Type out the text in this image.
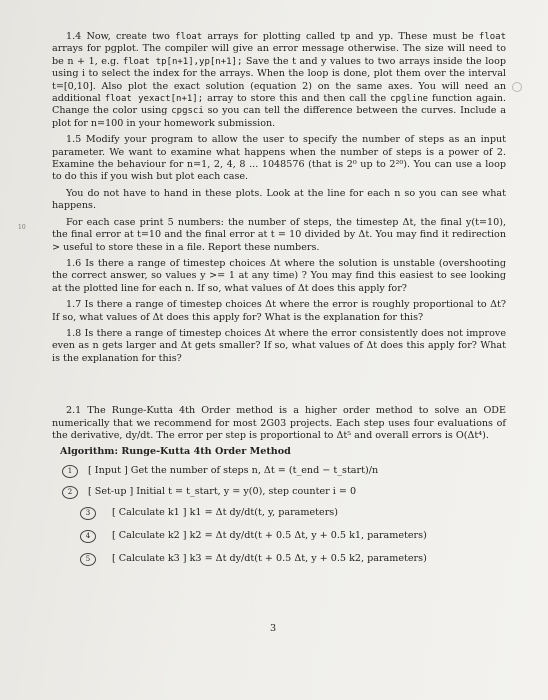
10

1.4 Now, create two float arrays for plotting called tp and yp. These must be float arrays for pgplot. The compiler will give an error message otherwise. The size will need to be n + 1, e.g. float tp[n+1],yp[n+1]; Save the t and y values to two arrays inside the loop using i to select the index for the arrays. When the loop is done, plot them over the interval t=[0,10]. Also plot the exact solution (equation 2) on the same axes. You will need an additional float yexact[n+1]; array to store this and then call the cpgline function again. Change the color using cpgsci so you can tell the difference between the curves. Include a plot for n=100 in your homework submission.

1.5 Modify your program to allow the user to specify the number of steps as an input parameter. We want to examine what happens when the number of steps is a power of 2. Examine the behaviour for n=1, 2, 4, 8 ... 1048576 (that is 2⁰ up to 2²⁰). You can use a loop to do this if you wish but plot each case.

You do not have to hand in these plots. Look at the line for each n so you can see what happens.

For each case print 5 numbers: the number of steps, the timestep Δt, the final y(t=10), the final error at t=10 and the final error at t = 10 divided by Δt. You may find it redirection > useful to store these in a file. Report these numbers.

1.6 Is there a range of timestep choices Δt where the solution is unstable (overshooting the correct answer, so values y >= 1 at any time) ? You may find this easiest to see looking at the plotted line for each n. If so, what values of Δt does this apply for?

1.7 Is there a range of timestep choices Δt where the error is roughly proportional to Δt? If so, what values of Δt does this apply for? What is the explanation for this?

1.8 Is there a range of timestep choices Δt where the error consistently does not improve even as n gets larger and Δt gets smaller? If so, what values of Δt does this apply for? What is the explanation for this?

2.1 The Runge-Kutta 4th Order method is a higher order method to solve an ODE numerically that we recommend for most 2G03 projects. Each step uses four evaluations of the derivative, dy/dt. The error per step is proportional to Δt⁵ and overall errors is O(Δt⁴).

Algorithm: Runge-Kutta 4th Order Method
1	[ Input ] Get the number of steps n, Δt = (t_end − t_start)/n
2	[ Set-up ] Initial t = t_start, y = y(0), step counter i = 0
3	[ Calculate k1 ] k1 = Δt dy/dt(t, y, parameters)
4	[ Calculate k2 ] k2 = Δt dy/dt(t + 0.5 Δt, y + 0.5 k1, parameters)
5	[ Calculate k3 ] k3 = Δt dy/dt(t + 0.5 Δt, y + 0.5 k2, parameters)
3
